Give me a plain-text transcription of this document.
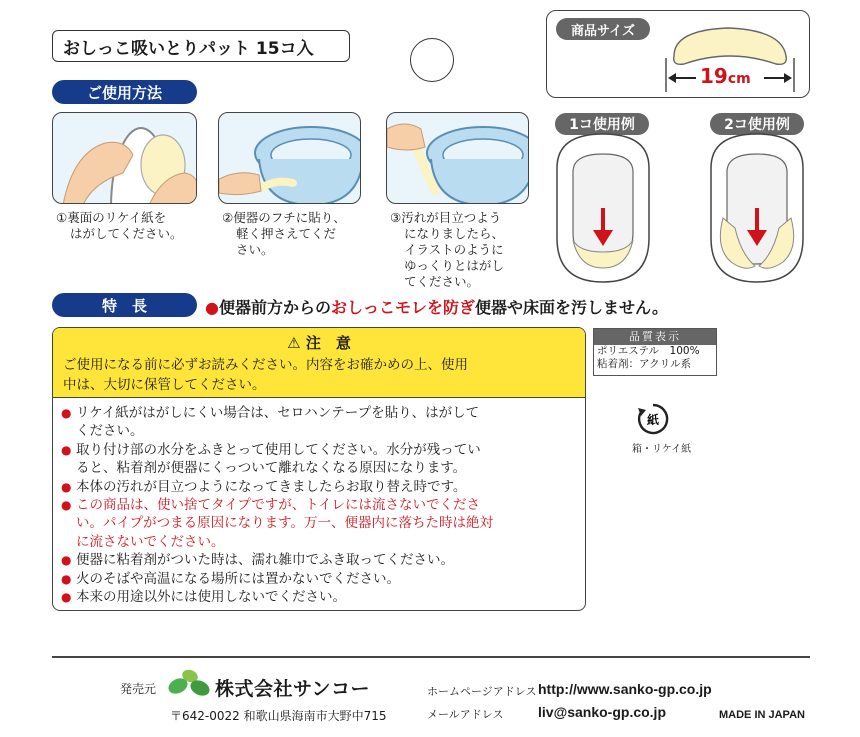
おしっこ吸いとりパット 15コ入
商品サイズ
19cm
ご使用方法
①裏面のリケイ紙を
はがしてください。
②便器のフチに貼り、
軽く押さえてくだ
さい。
③汚れが目立つよう
になりましたら、
イラストのように
ゆっくりとはがし
てください。
1コ使用例	2コ使用例
特　長	●便器前方からのおしっこモレを防ぎ便器や床面を汚しません。
⚠ 注　意
ご使用になる前に必ずお読みください。内容をお確かめの上、使用
中は、大切に保管してください。
● リケイ紙がはがしにくい場合は、セロハンテープを貼り、はがして
ください。
● 取り付け部の水分をふきとって使用してください。水分が残ってい
ると、粘着剤が便器にくっついて離れなくなる原因になります。
● 本体の汚れが目立つようになってきましたらお取り替え時です。
● この商品は、使い捨てタイプですが、トイレには流さないでくださ
い。パイプがつまる原因になります。万一、便器内に落ちた時は絶対
に流さないでください。
● 便器に粘着剤がついた時は、濡れ雑巾でふき取ってください。
● 火のそばや高温になる場所には置かないでください。
● 本来の用途以外には使用しないでください。
品質表示
ポリエステル　100%
粘着剤：アクリル系
紙
箱・リケイ紙
発売元	株式会社サンコー
〒642-0022 和歌山県海南市大野中715
ホームページアドレス http://www.sanko-gp.co.jp
メールアドレス liv@sanko-gp.co.jp	MADE IN JAPAN
